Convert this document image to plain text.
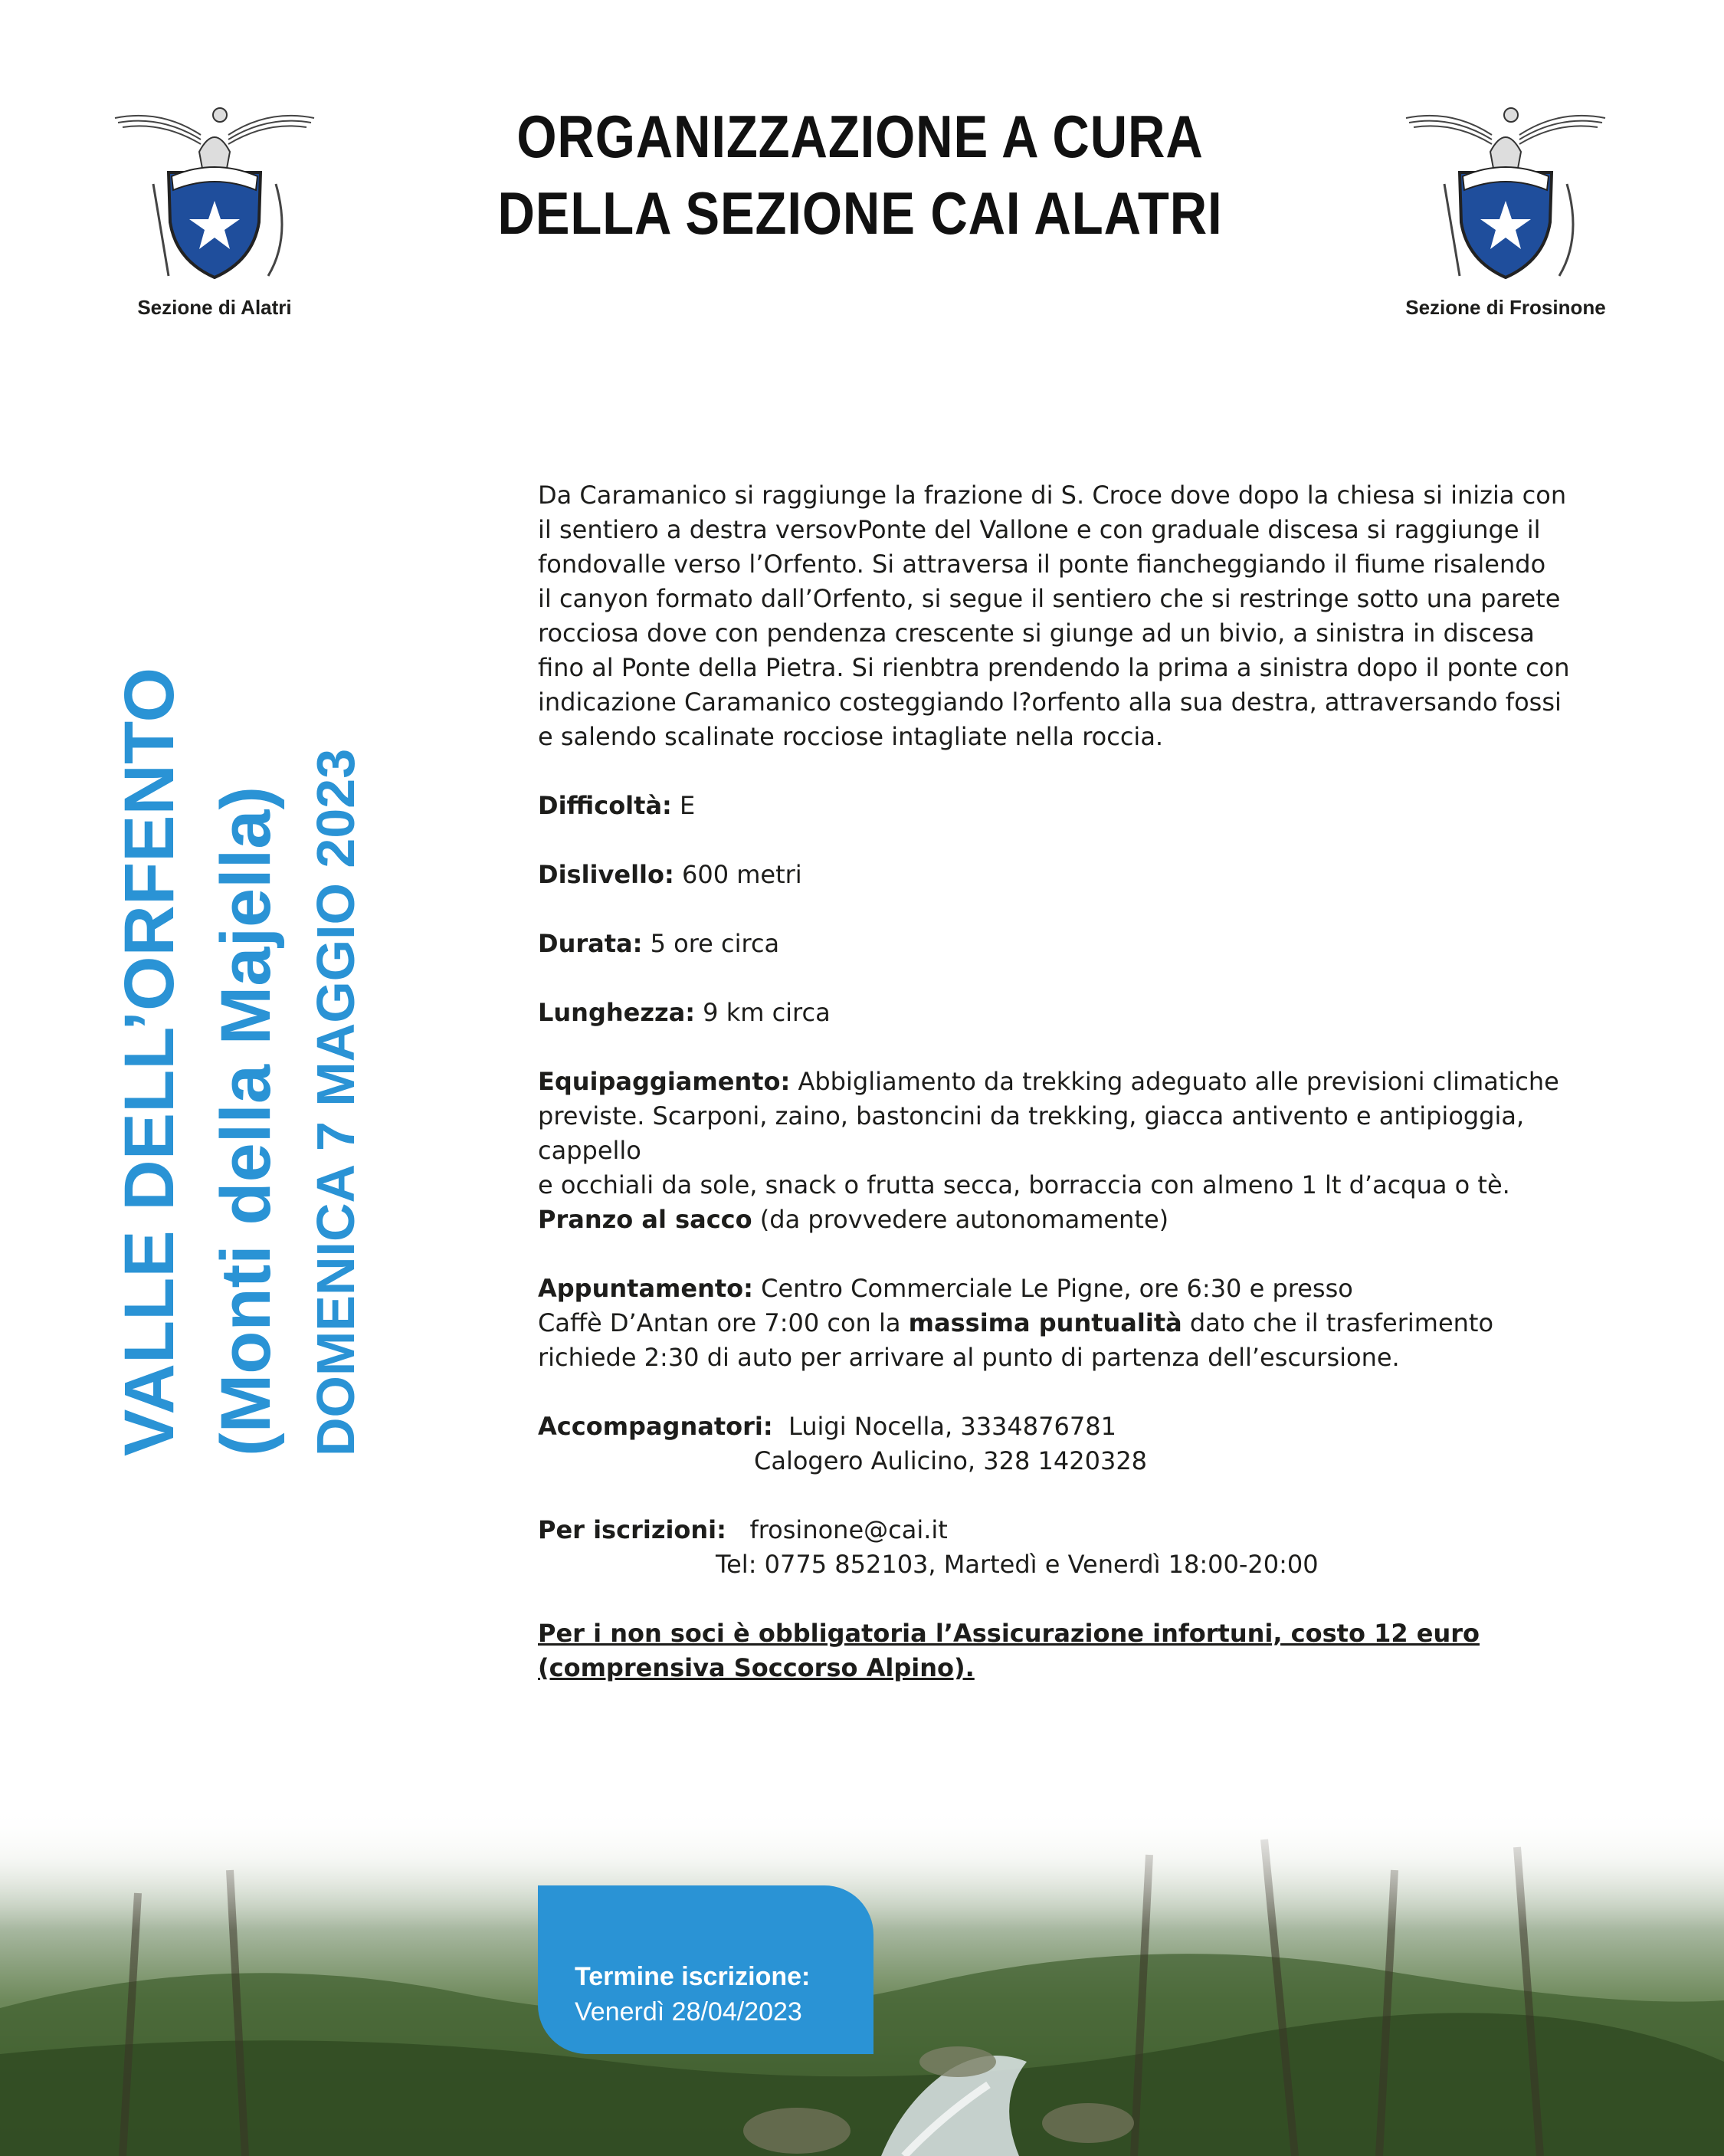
Sezione di Alatri
ORGANIZZAZIONE A CURA
DELLA SEZIONE CAI ALATRI
Sezione di Frosinone
VALLE DELL’ORFENTO (Monti della Majella) DOMENICA 7 MAGGIO 2023

Da Caramanico si raggiunge la frazione di S. Croce dove dopo la chiesa si inizia con

il sentiero a destra versovPonte del Vallone e con graduale discesa si raggiunge il

fondovalle verso l’Orfento. Si attraversa il ponte fiancheggiando il fiume risalendo

il canyon formato dall’Orfento, si segue il sentiero che si restringe sotto una parete

rocciosa dove con pendenza crescente si giunge ad un bivio, a sinistra in discesa

fino al Ponte della Pietra. Si rienbtra prendendo la prima a sinistra dopo il ponte con

indicazione Caramanico costeggiando l?orfento alla sua destra, attraversando fossi

e salendo scalinate rocciose intagliate nella roccia.

Difficoltà: E

Dislivello: 600 metri

Durata: 5 ore circa

Lunghezza: 9 km circa

Equipaggiamento: Abbigliamento da trekking adeguato alle previsioni climatiche

previste. Scarponi, zaino, bastoncini da trekking, giacca antivento e antipioggia, cappello

e occhiali da sole, snack o frutta secca, borraccia con almeno 1 lt d’acqua o tè.

Pranzo al sacco (da provvedere autonomamente)

Appuntamento: Centro Commerciale Le Pigne, ore 6:30 e presso

Caffè D’Antan ore 7:00 con la massima puntualità dato che il trasferimento

richiede 2:30 di auto per arrivare al punto di partenza dell’escursione.

Accompagnatori: Luigi Nocella, 3334876781

Calogero Aulicino, 328 1420328

Per iscrizioni: frosinone@cai.it

Tel: 0775 852103, Martedì e Venerdì 18:00-20:00

Per i non soci è obbligatoria l’Assicurazione infortuni, costo 12 euro

(comprensiva Soccorso Alpino).

Termine iscrizione:
Venerdì 28/04/2023
